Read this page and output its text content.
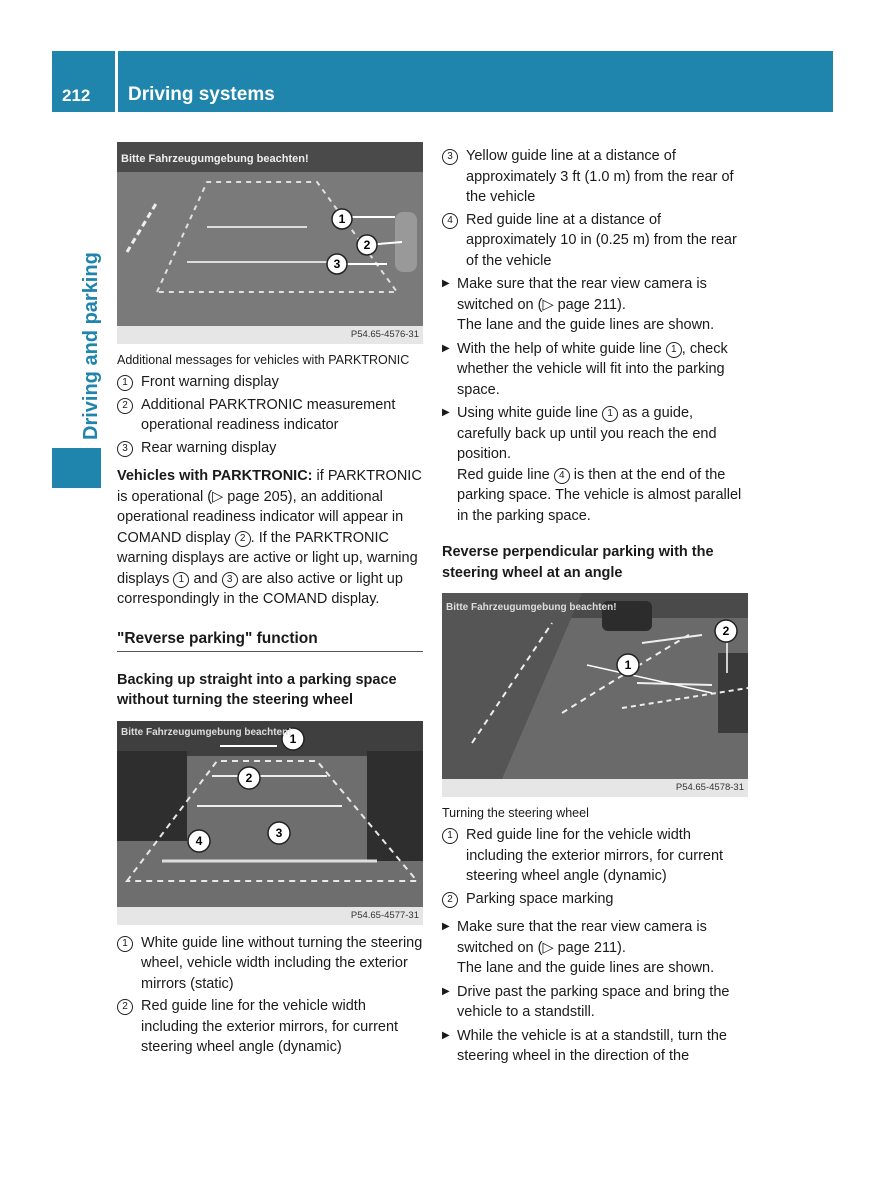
212 Driving systems
Driving and parking
1
2
3
Bitte Fahrzeugumgebung beachten!
P54.65-4576-31
Additional messages for vehicles with PARKTRONIC
1 Front warning display
2 Additional PARKTRONIC measurement operational readiness indicator
3 Rear warning display

Vehicles with PARKTRONIC: if PARKTRONIC is operational (▷ page 205), an additional operational readiness indicator will appear in COMAND display 2 . If the PARKTRONIC warning displays are active or light up, warning displays 1 and 3 are also active or light up correspondingly in the COMAND display.

"Reverse parking" function
Backing up straight into a parking space without turning the steering wheel
1
2
3
4
Bitte Fahrzeugumgebung beachten!
P54.65-4577-31
1 White guide line without turning the steering wheel, vehicle width including the exterior mirrors (static)
2 Red guide line for the vehicle width including the exterior mirrors, for current steering wheel angle (dynamic)
3 Yellow guide line at a distance of approximately 3 ft (1.0 m) from the rear of the vehicle
4 Red guide line at a distance of approximately 10 in (0.25 m) from the rear of the vehicle
▶ Make sure that the rear view camera is switched on (▷ page 211).
The lane and the guide lines are shown.
▶ With the help of white guide line 1 , check whether the vehicle will fit into the parking space.
▶ Using white guide line 1 as a guide, carefully back up until you reach the end position.
Red guide line 4 is then at the end of the parking space. The vehicle is almost parallel in the parking space.
Reverse perpendicular parking with the steering wheel at an angle
1
2
Bitte Fahrzeugumgebung beachten!
P54.65-4578-31
Turning the steering wheel
1 Red guide line for the vehicle width including the exterior mirrors, for current steering wheel angle (dynamic)
2 Parking space marking
▶ Make sure that the rear view camera is switched on (▷ page 211).
The lane and the guide lines are shown.
▶ Drive past the parking space and bring the vehicle to a standstill.
▶ While the vehicle is at a standstill, turn the steering wheel in the direction of the
